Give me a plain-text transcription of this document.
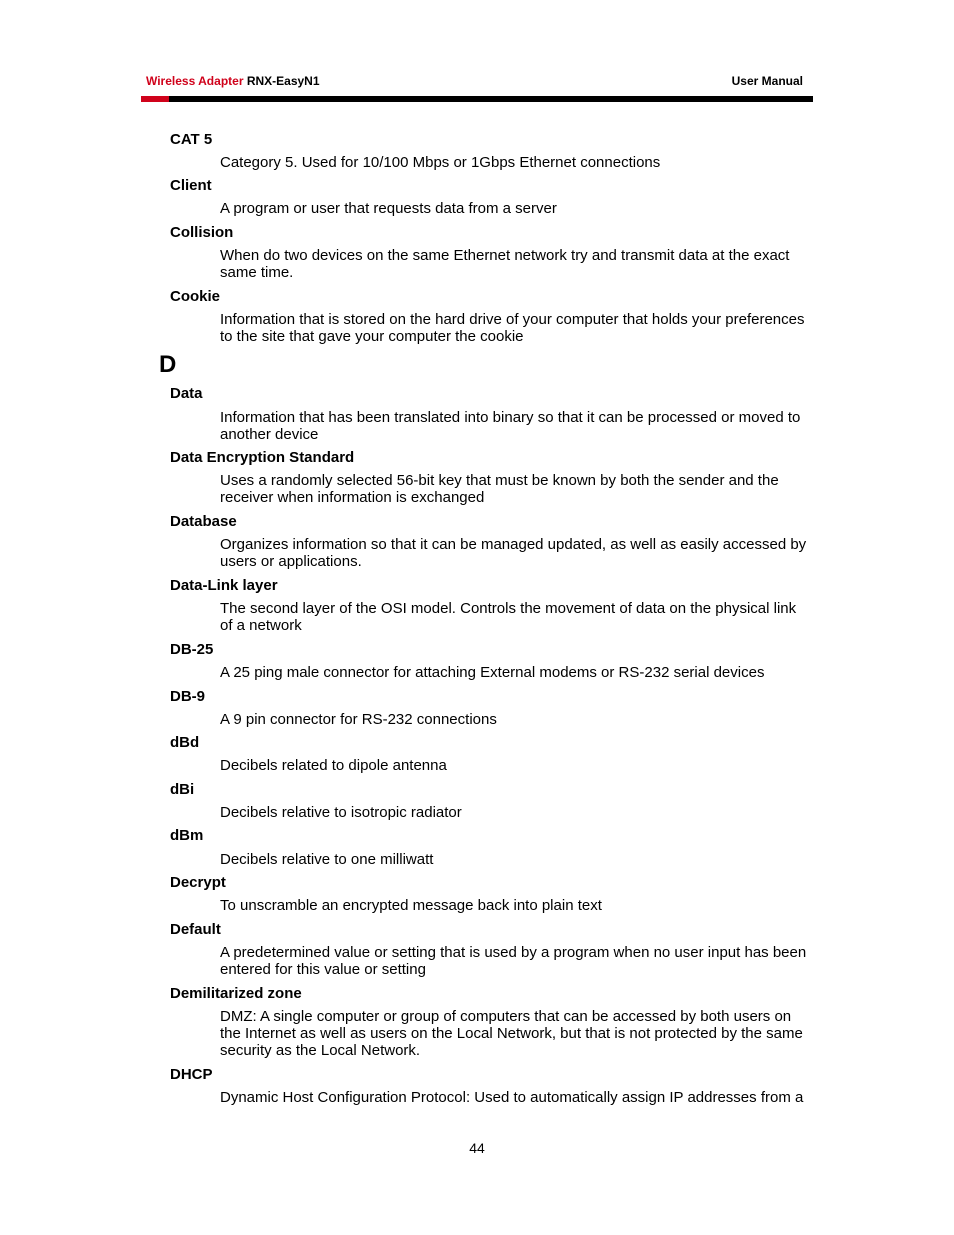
Wireless Adapter RNX-EasyN1	User Manual
CAT 5
Category 5. Used for 10/100 Mbps or 1Gbps Ethernet connections
Client
A program or user that requests data from a server
Collision
When do two devices on the same Ethernet network try and transmit data at the exact same time.
Cookie
Information that is stored on the hard drive of your computer that holds your preferences to the site that gave your computer the cookie
D
Data
Information that has been translated into binary so that it can be processed or moved to another device
Data Encryption Standard
Uses a randomly selected 56-bit key that must be known by both the sender and the receiver when information is exchanged
Database
Organizes information so that it can be managed updated, as well as easily accessed by users or applications.
Data-Link layer
The second layer of the OSI model. Controls the movement of data on the physical link of a network
DB-25
A 25 ping male connector for attaching External modems or RS-232 serial devices
DB-9
A 9 pin connector for RS-232 connections
dBd
Decibels related to dipole antenna
dBi
Decibels relative to isotropic radiator
dBm
Decibels relative to one milliwatt
Decrypt
To unscramble an encrypted message back into plain text
Default
A predetermined value or setting that is used by a program when no user input has been entered for this value or setting
Demilitarized zone
DMZ: A single computer or group of computers that can be accessed by both users on the Internet as well as users on the Local Network, but that is not protected by the same security as the Local Network.
DHCP
Dynamic Host Configuration Protocol: Used to automatically assign IP addresses from a
44
